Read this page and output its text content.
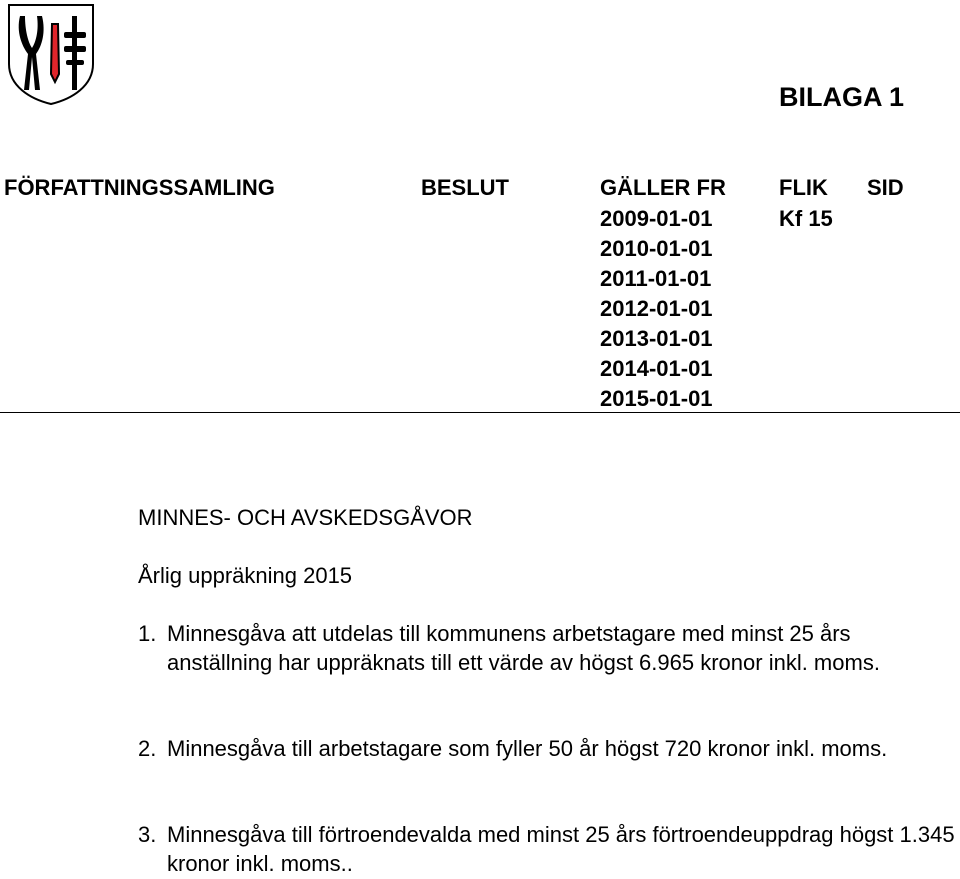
BILAGA 1
FÖRFATTNINGSSAMLING	BESLUT	GÄLLER FR FLIK SID
2009-01-01
2010-01-01
2011-01-01
2012-01-01
2013-01-01
2014-01-01
2015-01-01
Kf 15
MINNES- OCH AVSKEDSGÅVOR
Årlig uppräkning 2015
1. Minnesgåva att utdelas till kommunens arbetstagare med minst 25 års anställning har uppräknats till ett värde av högst 6.965 kronor inkl. moms.
2. Minnesgåva till arbetstagare som fyller 50 år högst 720 kronor inkl. moms.
3. Minnesgåva till förtroendevalda med minst 25 års förtroendeuppdrag högst 1.345 kronor inkl. moms..
